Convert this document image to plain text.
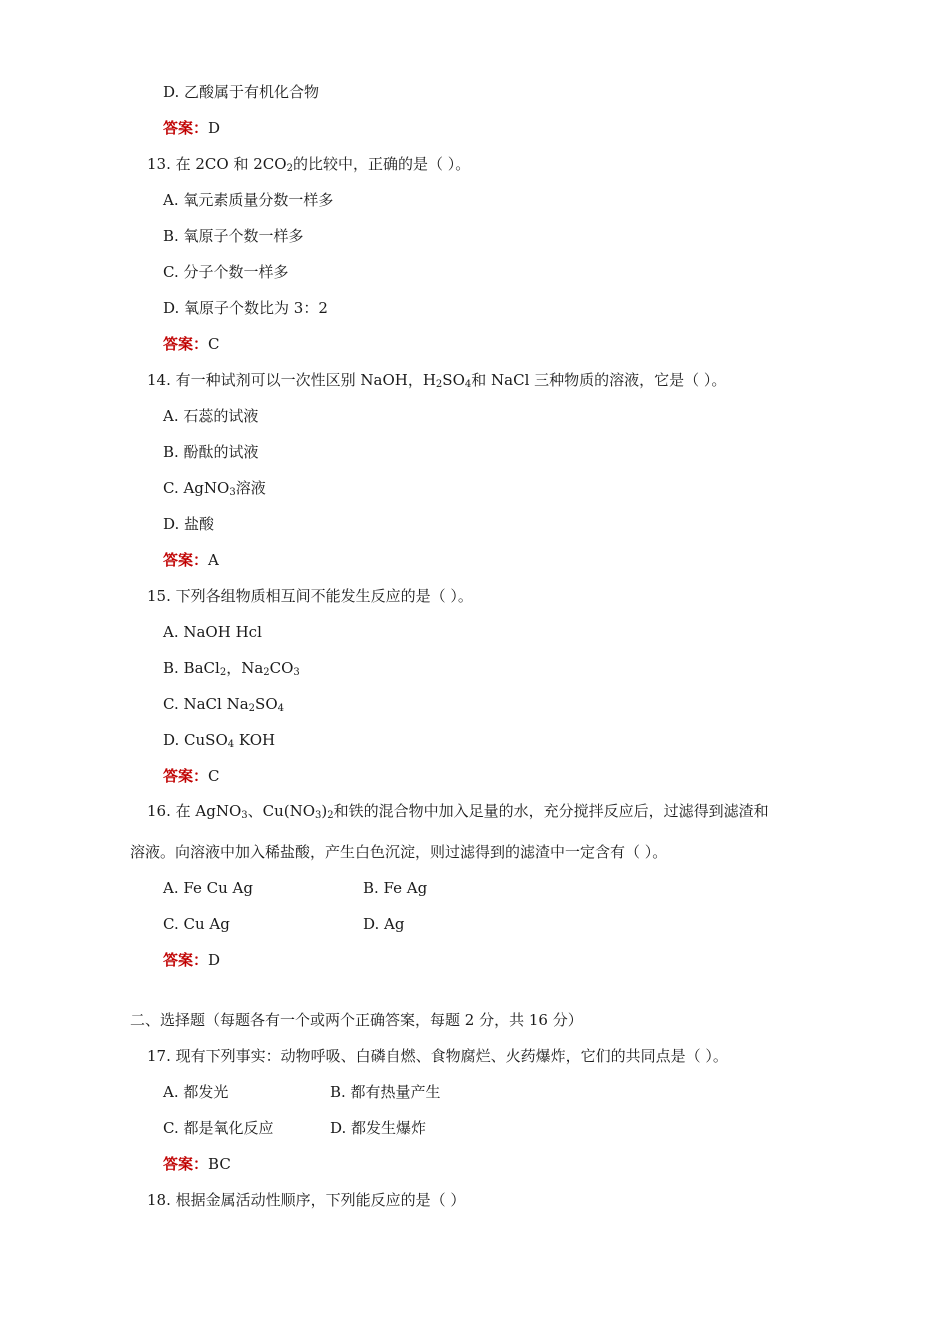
D. 乙酸属于有机化合物
答案：D
13. 在 2CO 和 $2CO_2$的比较中，正确的是（ ）。
A. 氧元素质量分数一样多
B. 氧原子个数一样多
C. 分子个数一样多
D. 氧原子个数比为 3：2
答案：C
14. 有一种试剂可以一次性区别 NaOH，$H_2SO_4$和 NaCl 三种物质的溶液，它是（ ）。
A. 石蕊的试液
B. 酚酞的试液
C. AgNO$_3$溶液
D. 盐酸
答案：A
15. 下列各组物质相互间不能发生反应的是（ ）。
A. NaOH Hcl
B. BaCl$_2$，$Na_2CO_3$
C. NaCl $Na_2SO_4$
D. CuSO$_4$ KOH
答案：C
16. 在 AgNO$_3$、$Cu(NO_3)_2$和铁的混合物中加入足量的水，充分搅拌反应后，过滤得到滤渣和
溶液。向溶液中加入稀盐酸，产生白色沉淀，则过滤得到的滤渣中一定含有（ ）。
A. Fe Cu Ag	B. Fe Ag
C. Cu Ag	D. Ag
答案：D
二、选择题（每题各有一个或两个正确答案，每题 2 分，共 16 分）
17. 现有下列事实：动物呼吸、白磷自燃、食物腐烂、火药爆炸，它们的共同点是（ ）。
A. 都发光	B. 都有热量产生
C. 都是氧化反应	D. 都发生爆炸
答案：BC
18. 根据金属活动性顺序，下列能反应的是（ ）
